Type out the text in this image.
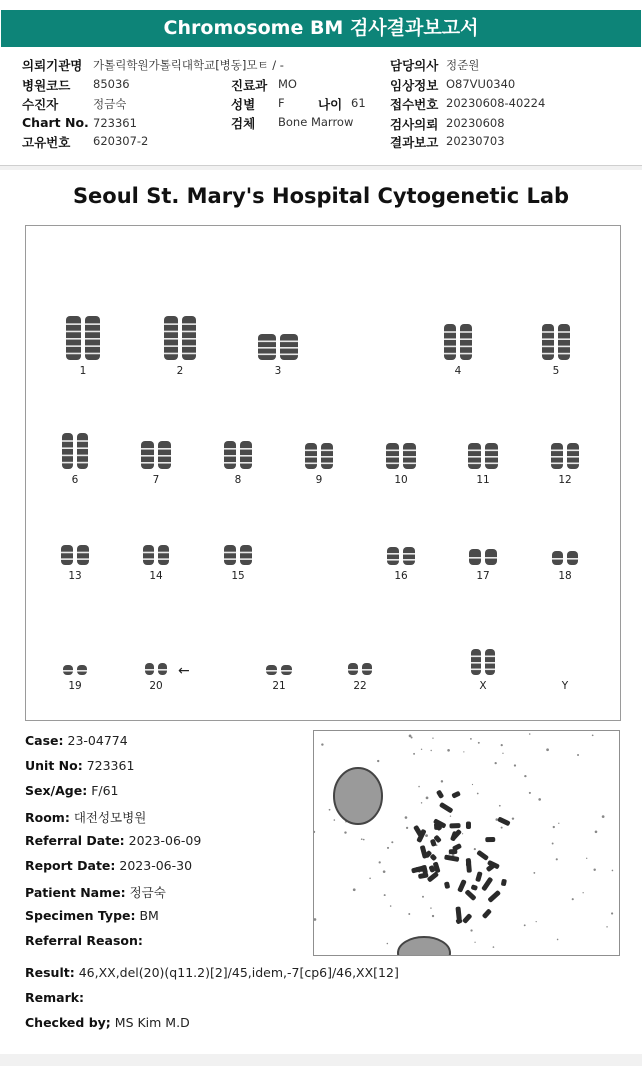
Chromosome BM 검사결과보고서
의뢰기관명 가톨릭학원가톨릭대학교[병동]모ㅌ / -
병원코드 85036
수진자	정금숙
Chart No. 723361
고유번호 620307-2
진료과 MO
성별 F	나이 61
검체 Bone Marrow
담당의사 정준원
임상정보 O87VU0340
접수번호 20230608-40224
검사의뢰 20230608
결과보고 20230703
Seoul St. Mary's Hospital Cytogenetic Lab
1	2	3	4	5
6	7	8	9	10	11	12
13	14	15	16	17	18
19	20	21	22	X	Y
←
Case: 23-04774
Unit No: 723361
Sex/Age: F/61
Room: 대전성모병원
Referral Date: 2023-06-09
Report Date: 2023-06-30
Patient Name: 정금숙
Specimen Type: BM
Referral Reason:
Result: 46,XX,del(20)(q11.2)[2]/45,idem,-7[cp6]/46,XX[12]
Remark:
Checked by; MS Kim M.D
